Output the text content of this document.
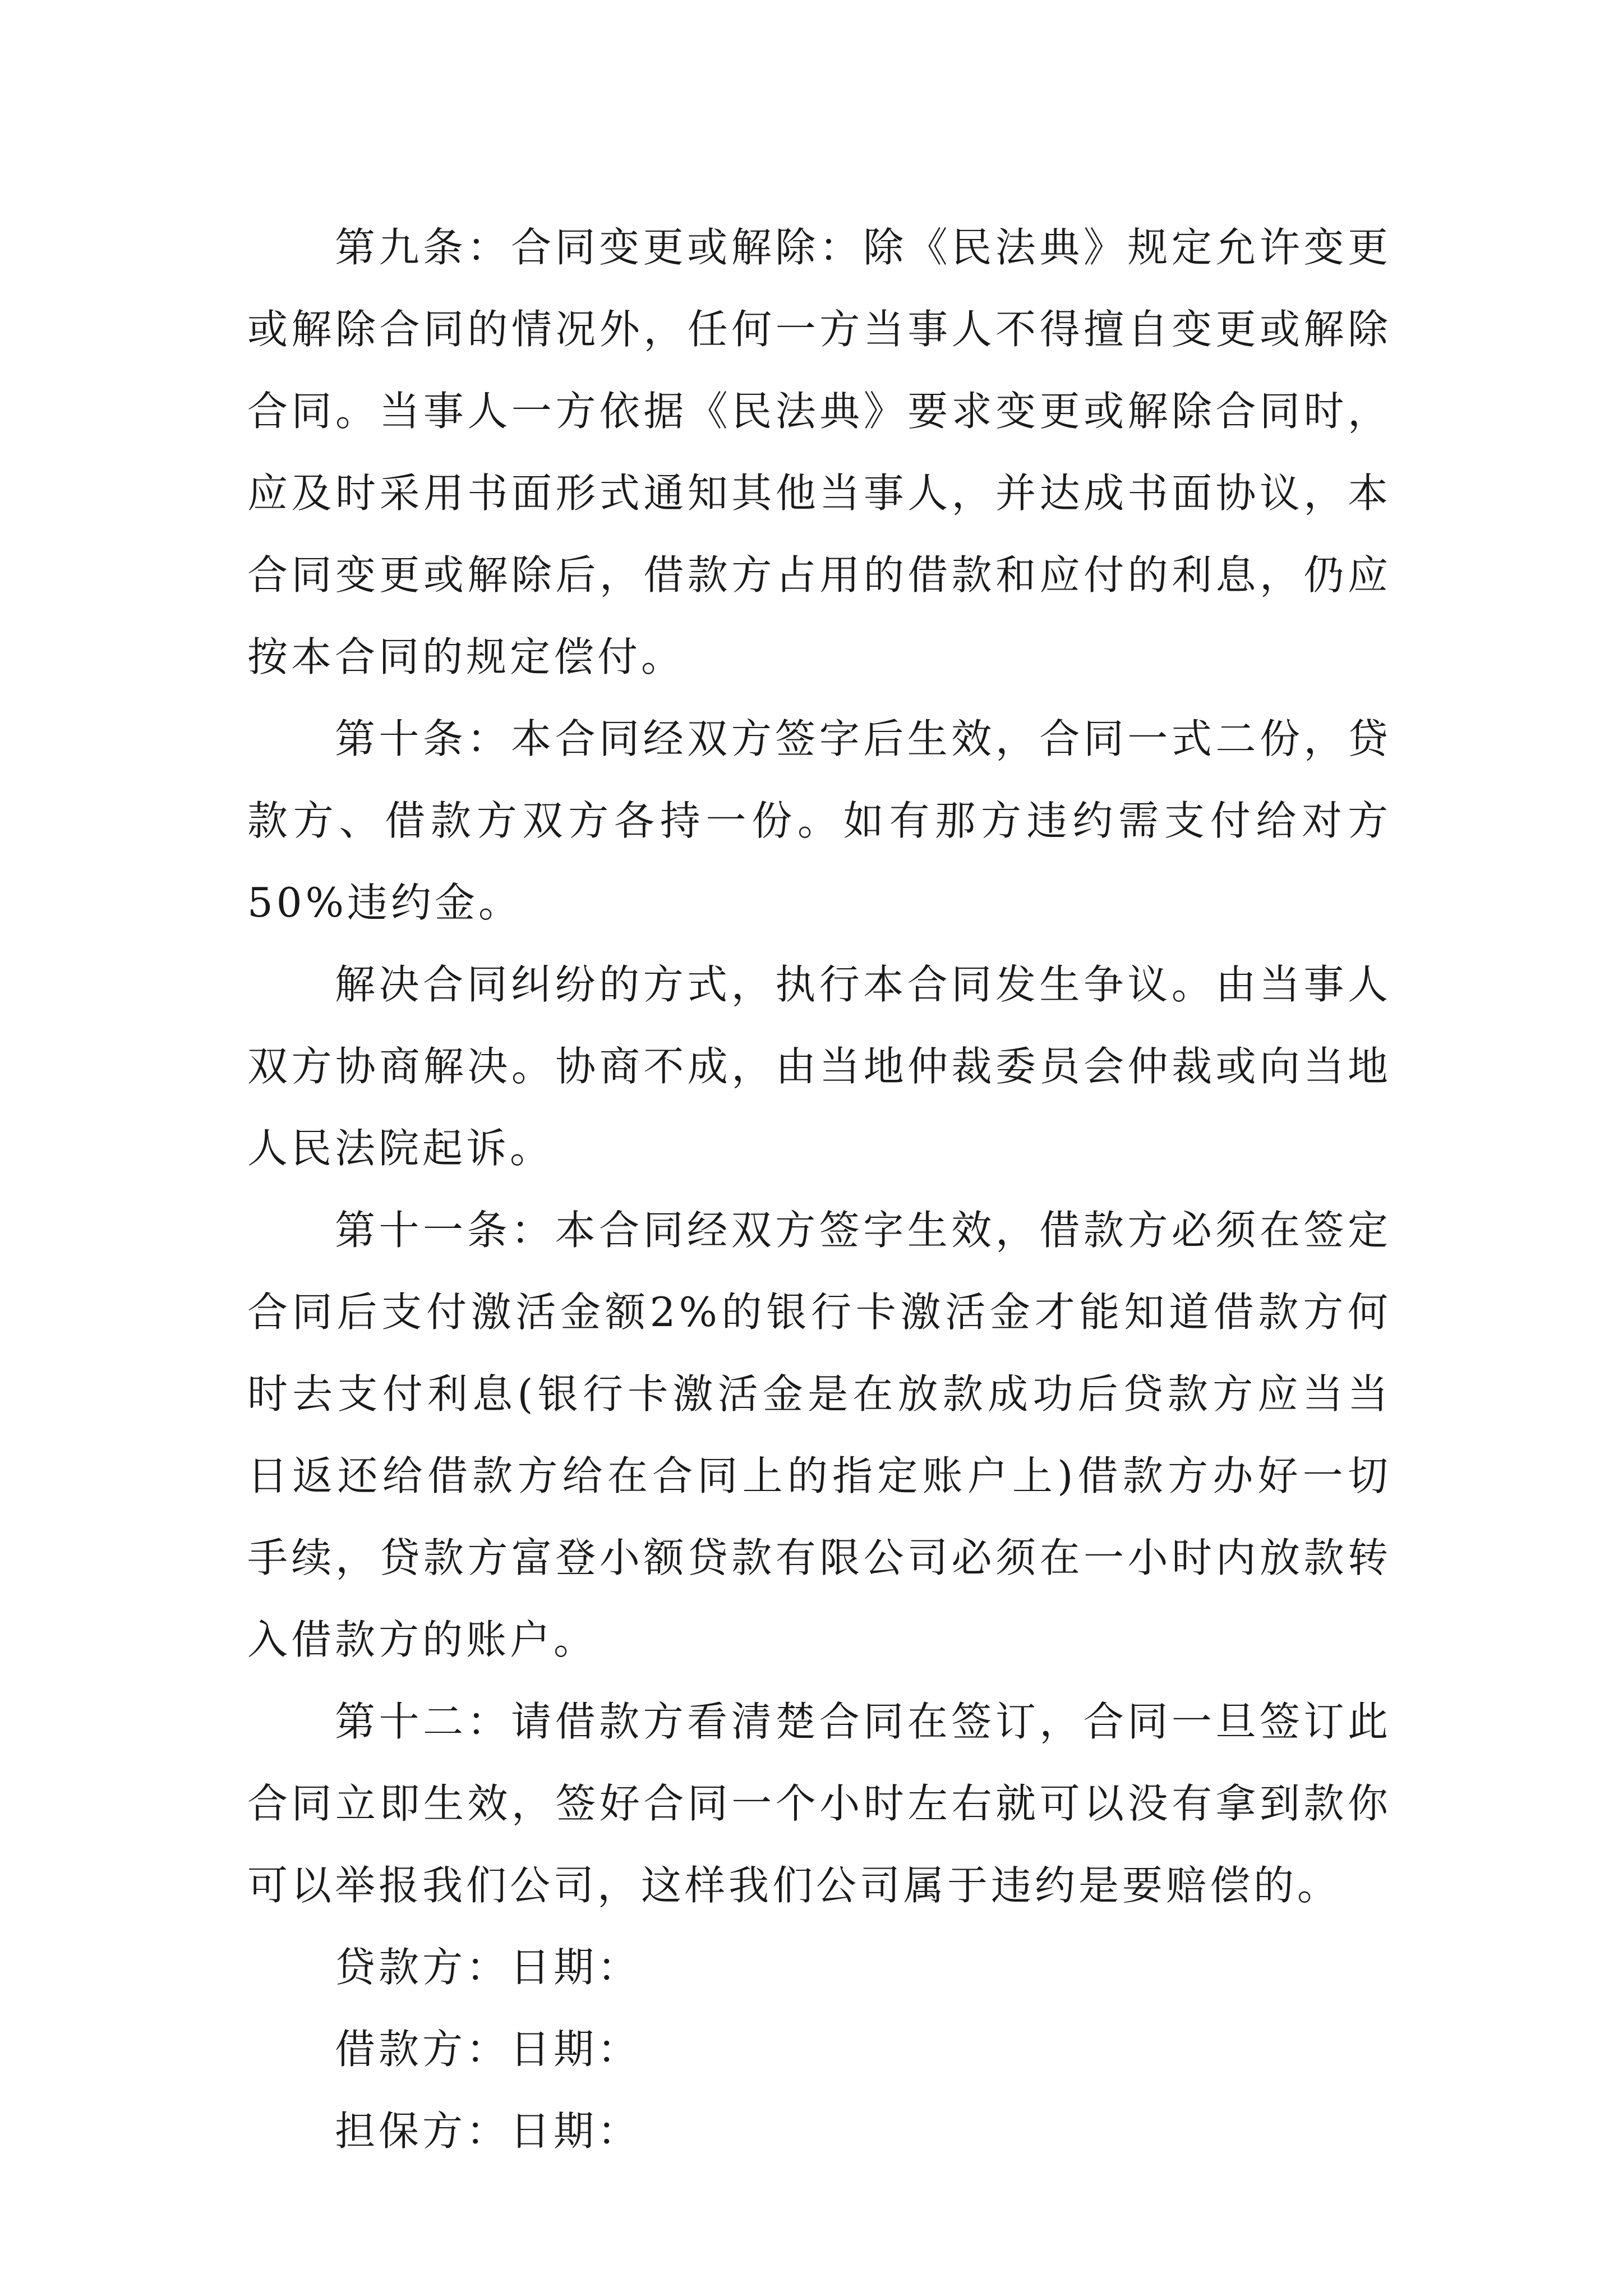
第九条：合同变更或解除：除《民法典》规定允许变更或解除合同的情况外，任何一方当事人不得擅自变更或解除合同。当事人一方依据《民法典》要求变更或解除合同时，应及时采用书面形式通知其他当事人，并达成书面协议，本合同变更或解除后，借款方占用的借款和应付的利息，仍应按本合同的规定偿付。

第十条：本合同经双方签字后生效，合同一式二份，贷款方、借款方双方各持一份。如有那方违约需支付给对方50%违约金。

解决合同纠纷的方式，执行本合同发生争议。由当事人双方协商解决。协商不成，由当地仲裁委员会仲裁或向当地人民法院起诉。

第十一条：本合同经双方签字生效，借款方必须在签定合同后支付激活金额2%的银行卡激活金才能知道借款方何时去支付利息(银行卡激活金是在放款成功后贷款方应当当日返还给借款方给在合同上的指定账户上)借款方办好一切手续，贷款方富登小额贷款有限公司必须在一小时内放款转入借款方的账户。

第十二：请借款方看清楚合同在签订，合同一旦签订此合同立即生效，签好合同一个小时左右就可以没有拿到款你可以举报我们公司，这样我们公司属于违约是要赔偿的。

贷款方：日期：

借款方：日期：

担保方：日期：
